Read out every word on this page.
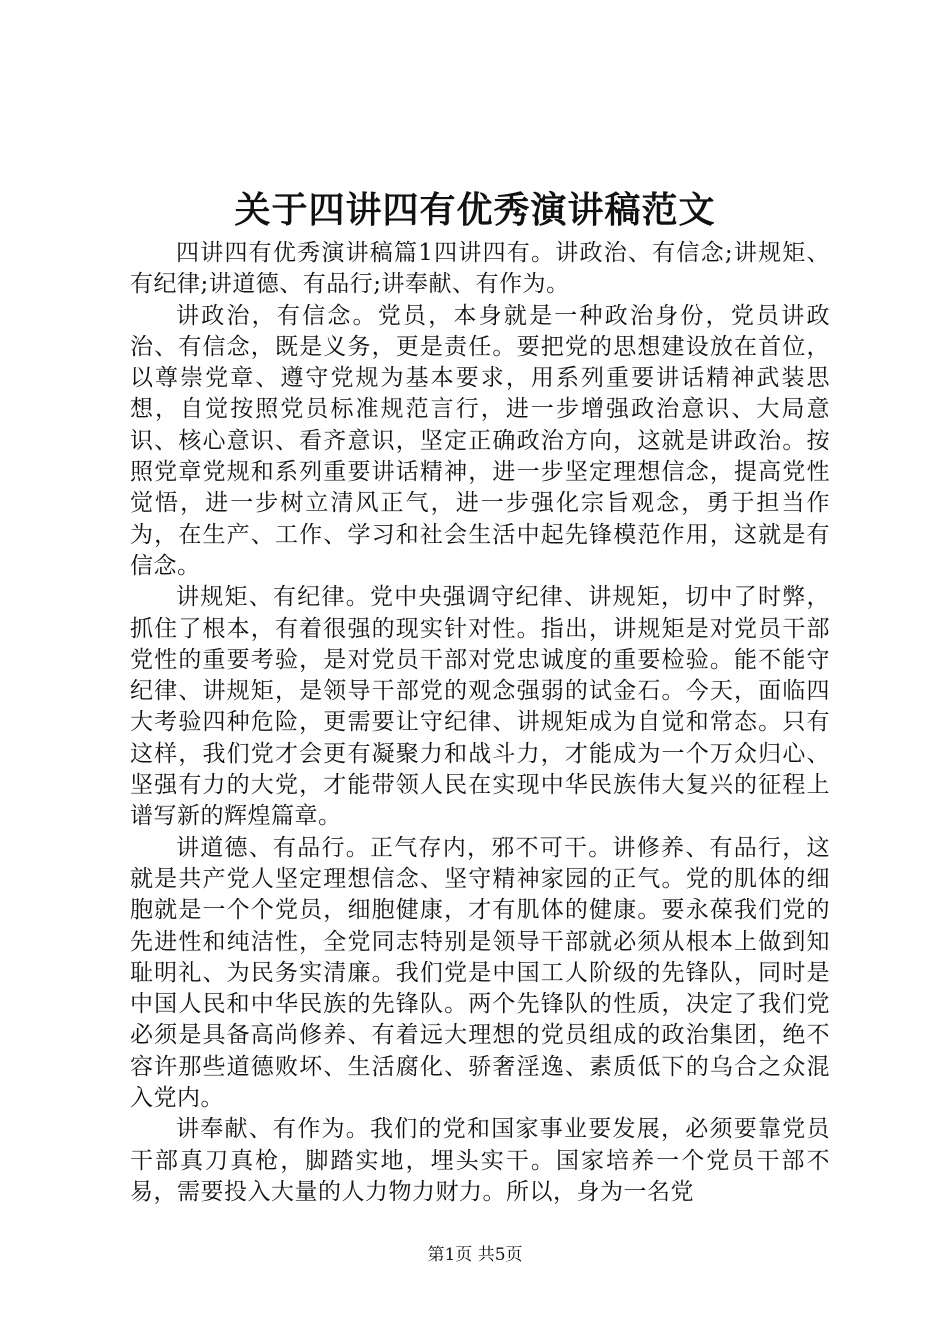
关于四讲四有优秀演讲稿范文

四讲四有优秀演讲稿篇1四讲四有。讲政治、有信念;讲规矩、有纪律;讲道德、有品行;讲奉献、有作为。

讲政治，有信念。党员，本身就是一种政治身份，党员讲政治、有信念，既是义务，更是责任。要把党的思想建设放在首位，以尊崇党章、遵守党规为基本要求，用系列重要讲话精神武装思想，自觉按照党员标准规范言行，进一步增强政治意识、大局意识、核心意识、看齐意识，坚定正确政治方向，这就是讲政治。按照党章党规和系列重要讲话精神，进一步坚定理想信念，提高党性觉悟，进一步树立清风正气，进一步强化宗旨观念，勇于担当作为，在生产、工作、学习和社会生活中起先锋模范作用，这就是有信念。

讲规矩、有纪律。党中央强调守纪律、讲规矩，切中了时弊，抓住了根本，有着很强的现实针对性。指出，讲规矩是对党员干部党性的重要考验，是对党员干部对党忠诚度的重要检验。能不能守纪律、讲规矩，是领导干部党的观念强弱的试金石。今天，面临四大考验四种危险，更需要让守纪律、讲规矩成为自觉和常态。只有这样，我们党才会更有凝聚力和战斗力，才能成为一个万众归心、坚强有力的大党，才能带领人民在实现中华民族伟大复兴的征程上谱写新的辉煌篇章。

讲道德、有品行。正气存内，邪不可干。讲修养、有品行，这就是共产党人坚定理想信念、坚守精神家园的正气。党的肌体的细胞就是一个个党员，细胞健康，才有肌体的健康。要永葆我们党的先进性和纯洁性，全党同志特别是领导干部就必须从根本上做到知耻明礼、为民务实清廉。我们党是中国工人阶级的先锋队，同时是中国人民和中华民族的先锋队。两个先锋队的性质，决定了我们党必须是具备高尚修养、有着远大理想的党员组成的政治集团，绝不容许那些道德败坏、生活腐化、骄奢淫逸、素质低下的乌合之众混入党内。

讲奉献、有作为。我们的党和国家事业要发展，必须要靠党员干部真刀真枪，脚踏实地，埋头实干。国家培养一个党员干部不易，需要投入大量的人力物力财力。所以，身为一名党

第1页 共5页
